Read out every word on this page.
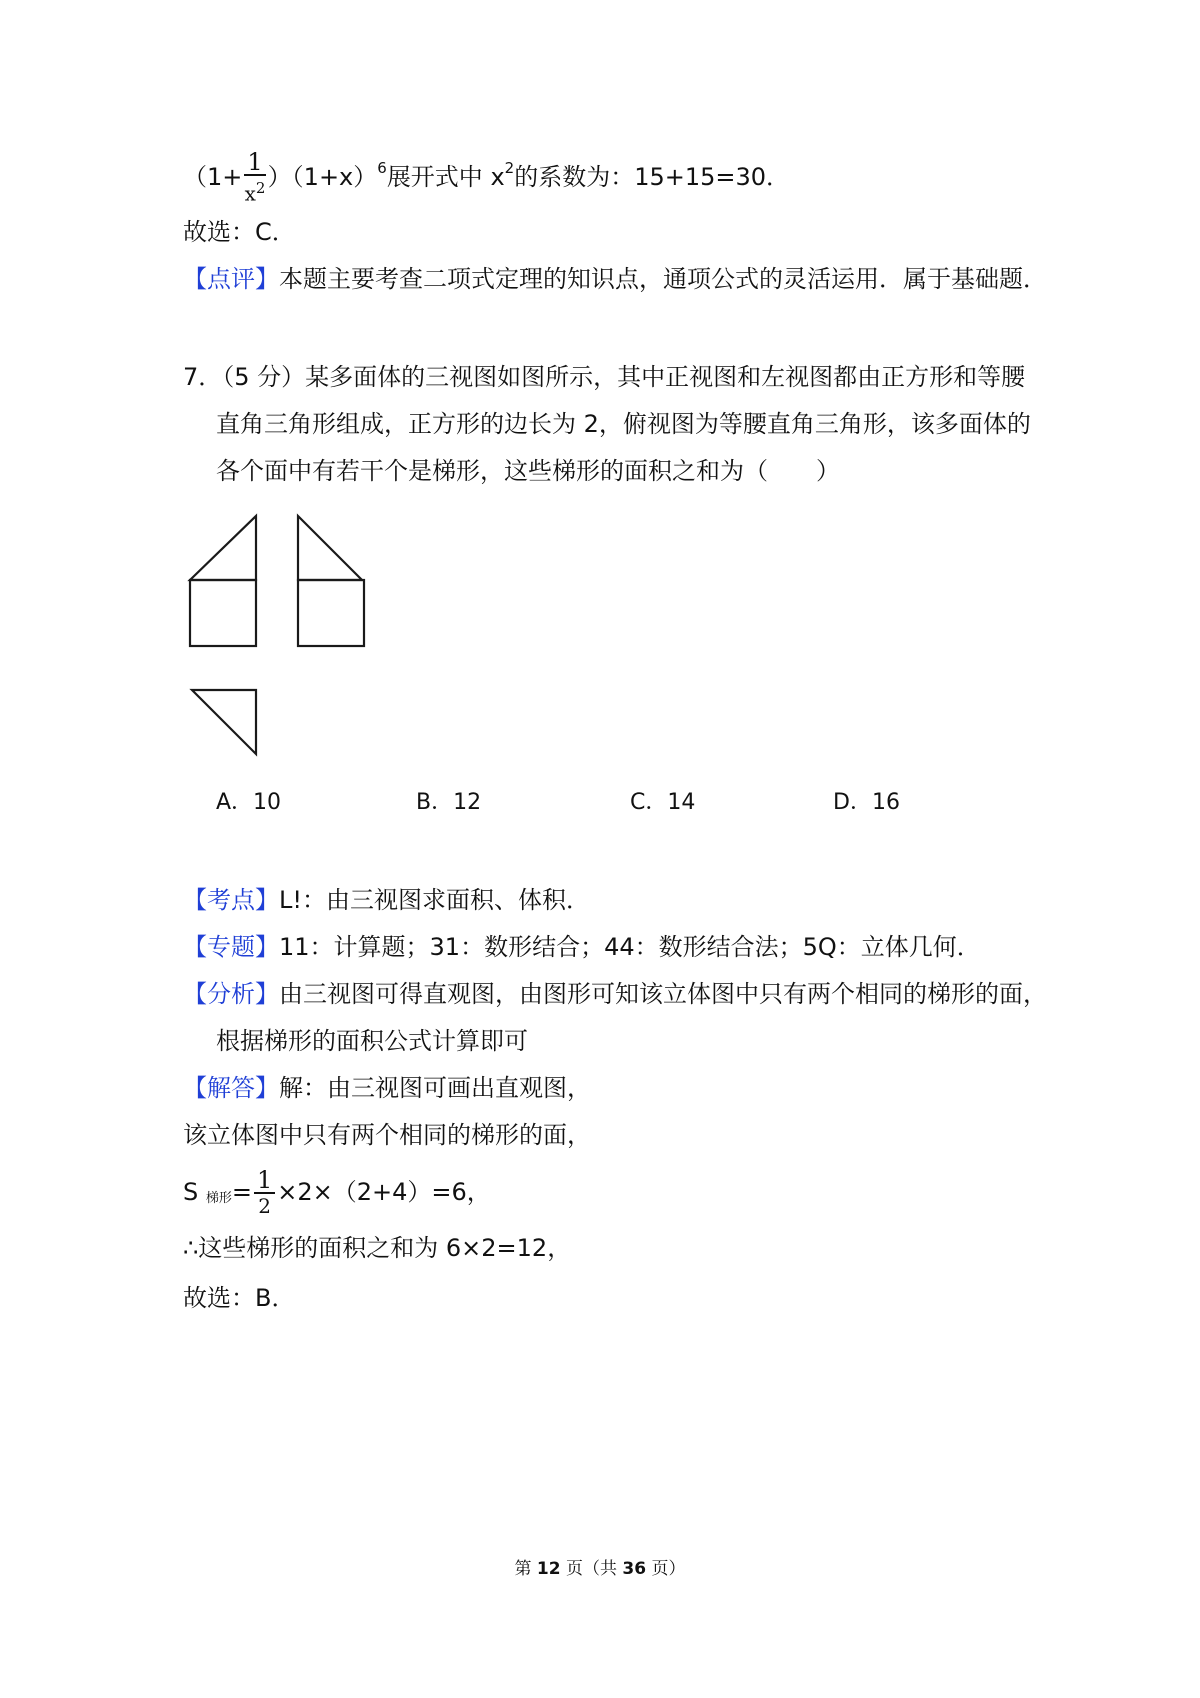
$(1+ \frac{1}{x^2} )(1+x)^6$展开式中 $x^2$的系数为：15+15=30．
故选：C．
【点评】本题主要考查二项式定理的知识点，通项公式的灵活运用．属于基础题．
7．（5 分）某多面体的三视图如图所示，其中正视图和左视图都由正方形和等腰
直角三角形组成，正方形的边长为 2，俯视图为等腰直角三角形，该多面体的
各个面中有若干个是梯形，这些梯形的面积之和为（　　）
A．10	B．12	C．14	D．16
【考点】L!：由三视图求面积、体积．
【专题】11：计算题；31：数形结合；44：数形结合法；5Q：立体几何．
【分析】由三视图可得直观图，由图形可知该立体图中只有两个相同的梯形的面，
根据梯形的面积公式计算即可
【解答】解：由三视图可画出直观图，
该立体图中只有两个相同的梯形的面，
S 梯形= $\frac{1}{2} \times 2\times(2+4)=6$，
∴这些梯形的面积之和为 6×2=12，
故选：B．
第 12 页（共 36 页）
